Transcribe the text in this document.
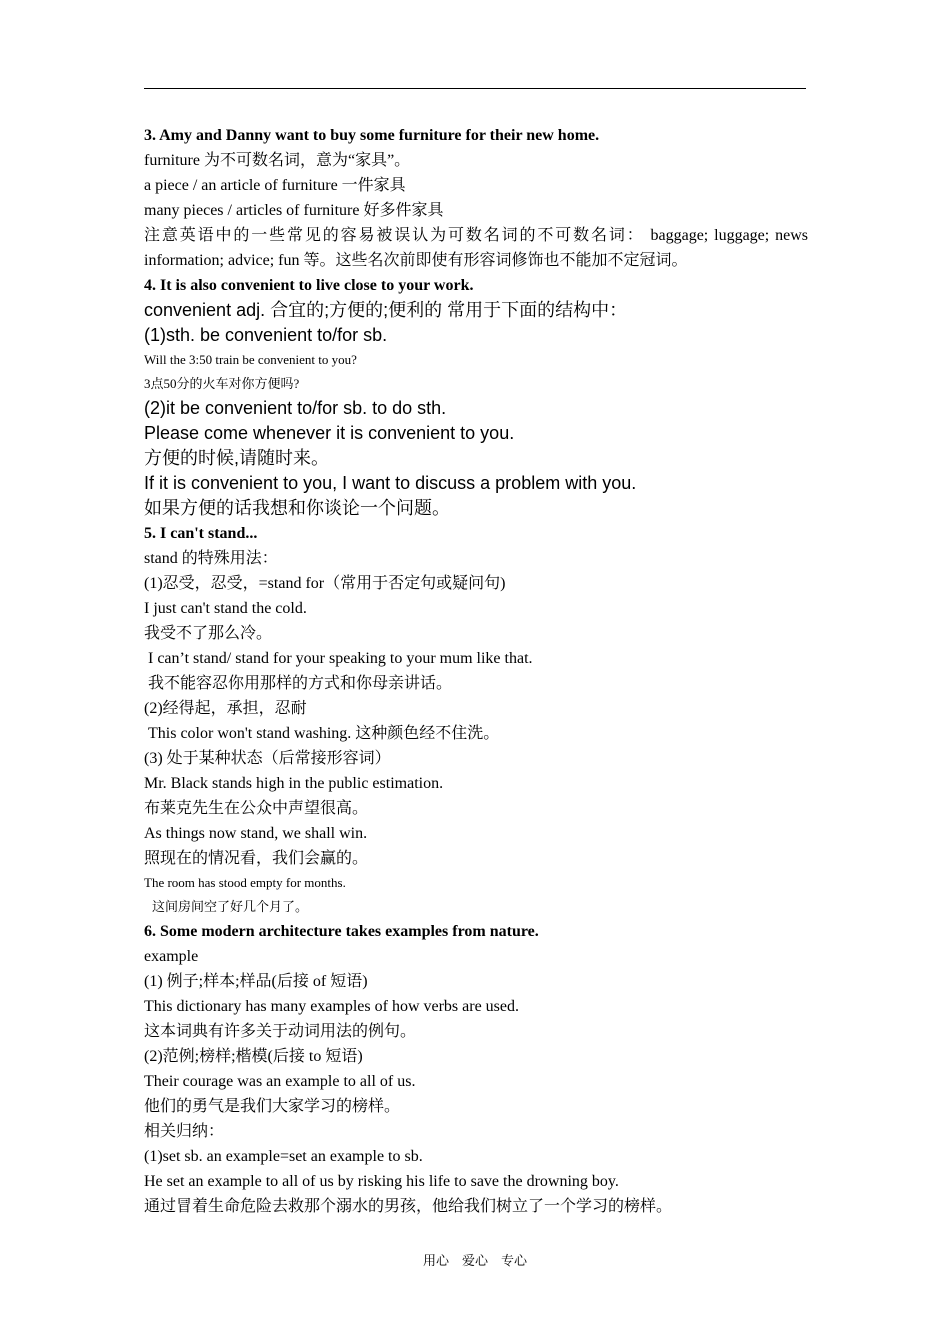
3. Amy and Danny want to buy some furniture for their new home.

furniture 为不可数名词，意为“家具”。

a piece / an article of furniture 一件家具

many pieces / articles of furniture 好多件家具

注意英语中的一些常见的容易被误认为可数名词的不可数名词： baggage; luggage; news information; advice; fun 等。这些名次前即使有形容词修饰也不能加不定冠词。

4. It is also convenient to live close to your work.

convenient adj. 合宜的;方便的;便利的 常用于下面的结构中：

(1)sth. be convenient to/for sb.

Will the 3:50 train be convenient to you?

3点50分的火车对你方便吗?

(2)it be convenient to/for sb. to do sth.

Please come whenever it is convenient to you.

方便的时候,请随时来。

If it is convenient to you, I want to discuss a problem with you.

如果方便的话我想和你谈论一个问题。

5. I can't stand...

stand 的特殊用法：

(1)忍受，忍受，=stand for（常用于否定句或疑问句)

I just can't stand the cold.

我受不了那么冷。

I can’t stand/ stand for your speaking to your mum like that.

我不能容忍你用那样的方式和你母亲讲话。

(2)经得起，承担，忍耐

This color won't stand washing. 这种颜色经不住洗。

(3) 处于某种状态（后常接形容词）

Mr. Black stands high in the public estimation.

布莱克先生在公众中声望很高。

As things now stand, we shall win.

照现在的情况看，我们会赢的。

The room has stood empty for months.

这间房间空了好几个月了。

6. Some modern architecture takes examples from nature.

example

(1) 例子;样本;样品(后接 of 短语)

This dictionary has many examples of how verbs are used.

这本词典有许多关于动词用法的例句。

(2)范例;榜样;楷模(后接 to 短语)

Their courage was an example to all of us.

他们的勇气是我们大家学习的榜样。

相关归纳：

(1)set sb. an example=set an example to sb.

He set an example to all of us by risking his life to save the drowning boy.

通过冒着生命危险去救那个溺水的男孩，他给我们树立了一个学习的榜样。

用心　爱心　专心
